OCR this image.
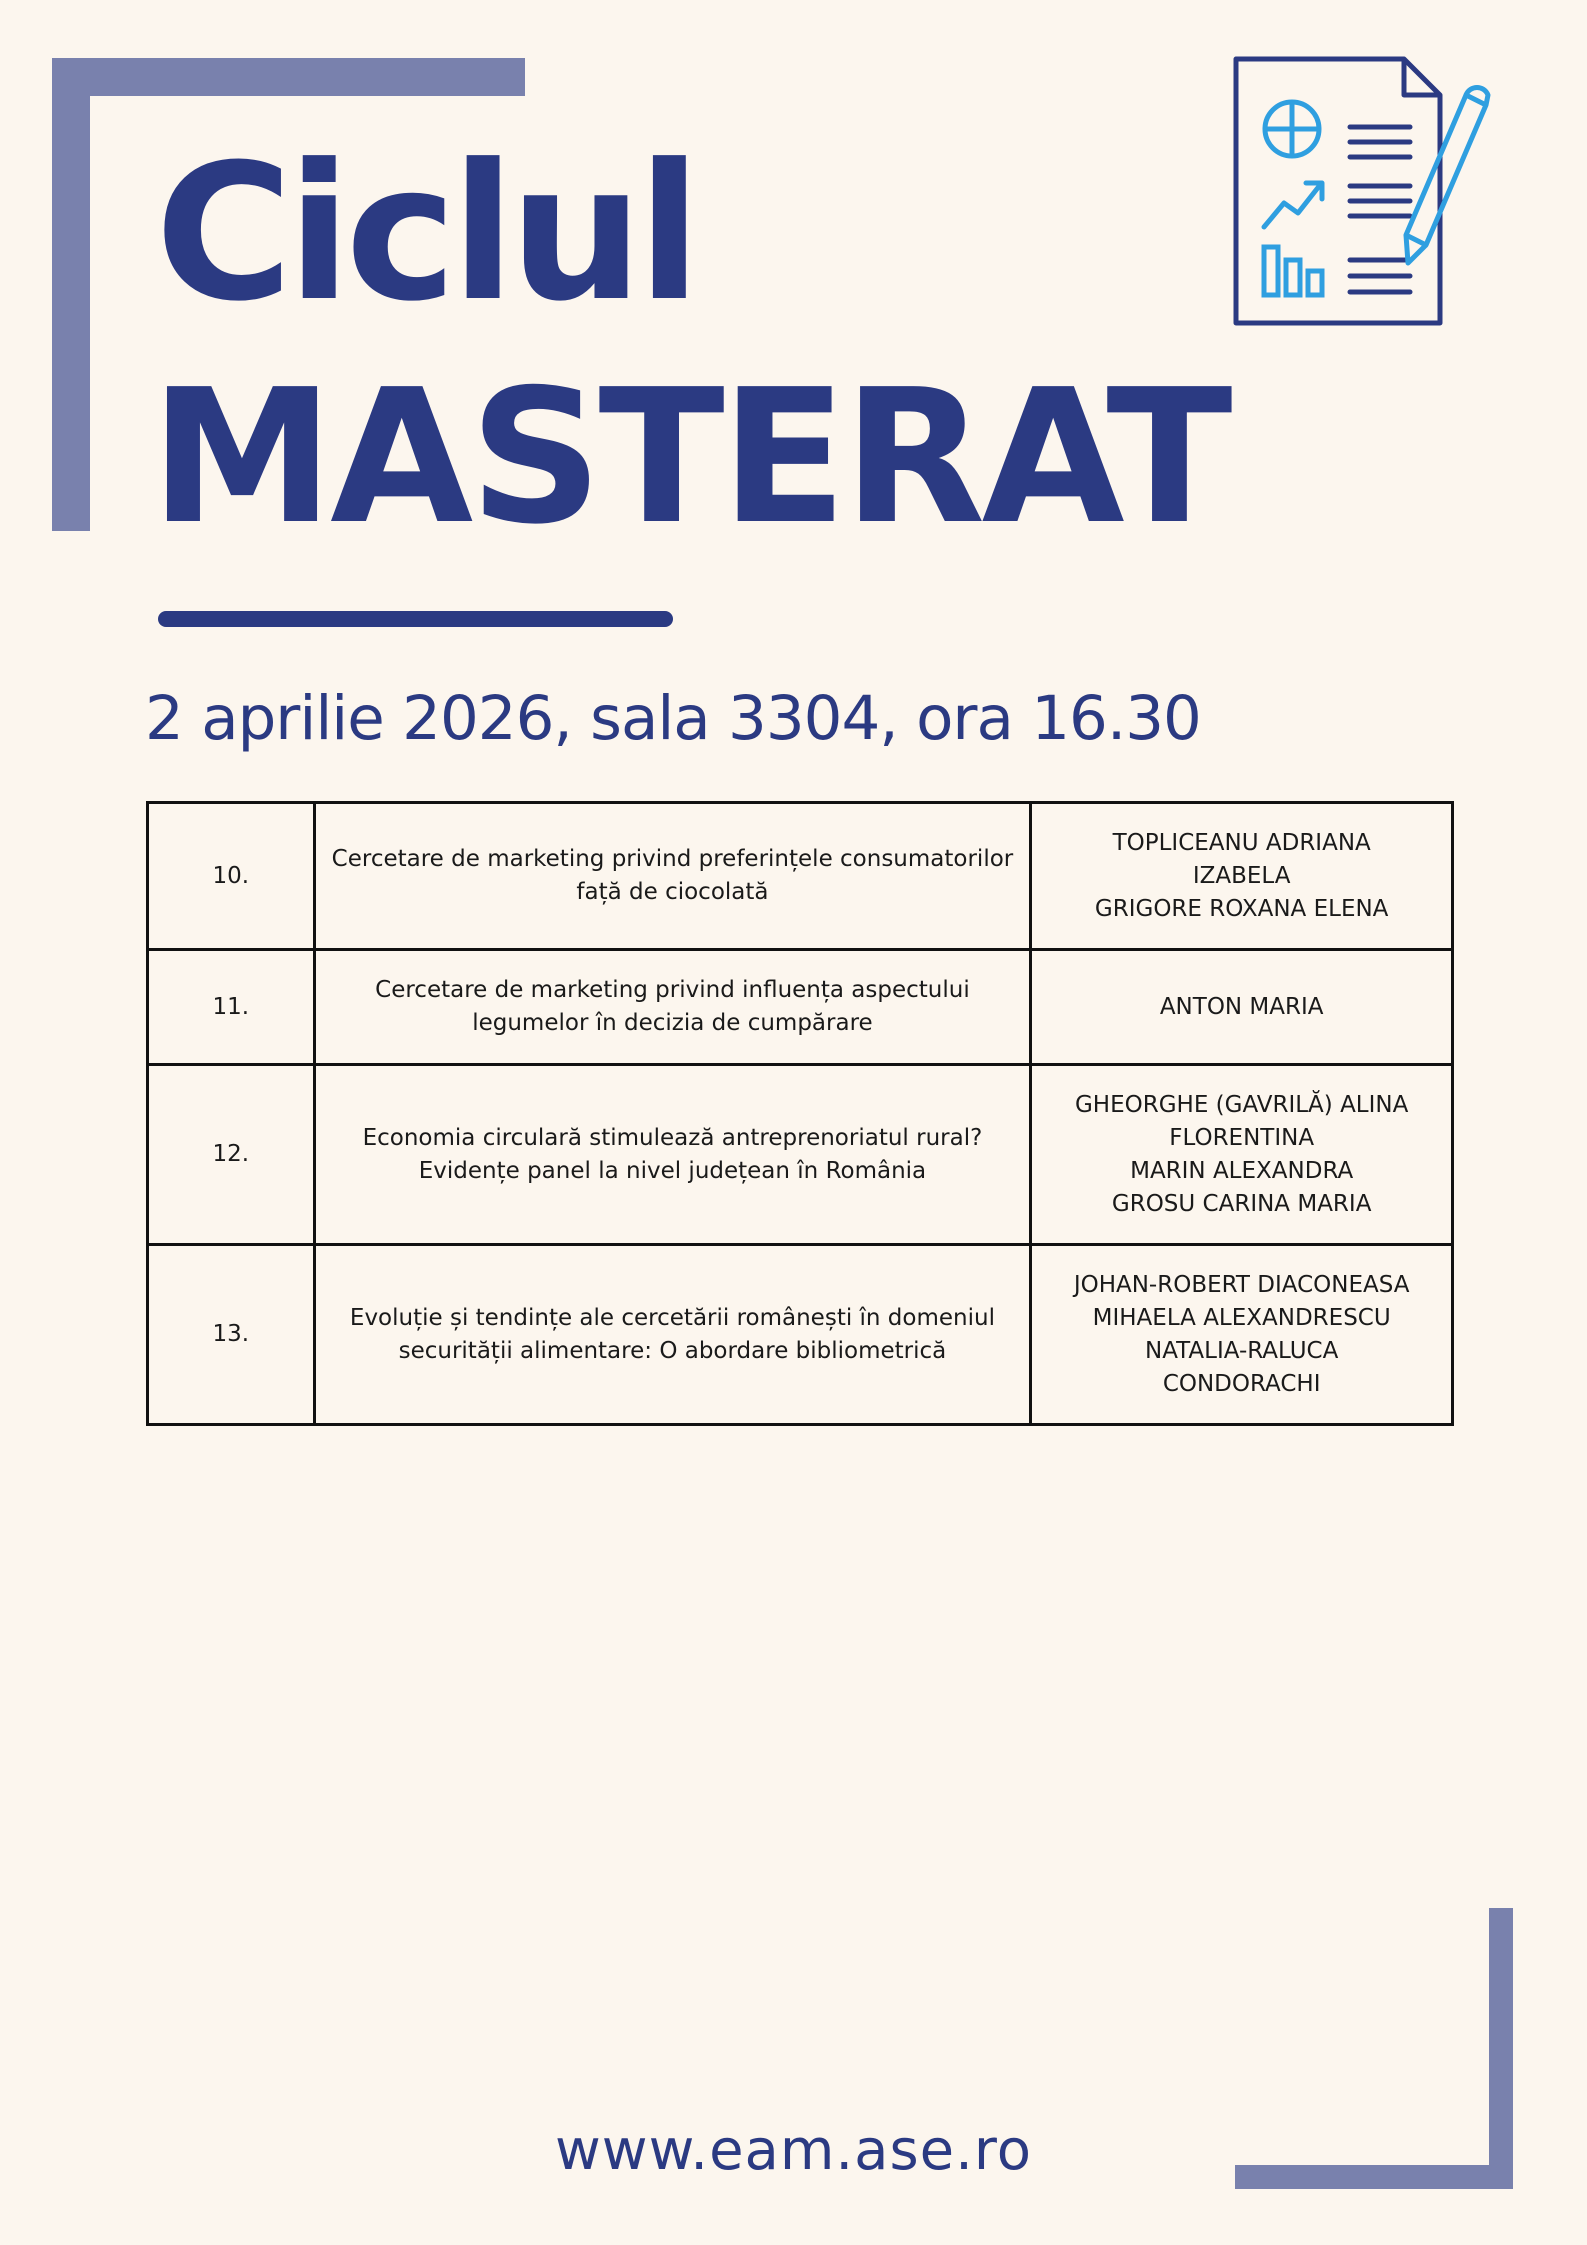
Ciclul
MASTERAT
2 aprilie 2026, sala 3304, ora 16.30
10.	Cercetare de marketing privind preferințele consumatorilor față de ciocolată	TOPLICEANU ADRIANA
IZABELA
GRIGORE ROXANA ELENA

11.	Cercetare de marketing privind influența aspectului legumelor în decizia de cumpărare	ANTON MARIA

12.	Economia circulară stimulează antreprenoriatul rural? Evidențe panel la nivel județean în România	GHEORGHE (GAVRILĂ) ALINA
FLORENTINA
MARIN ALEXANDRA
GROSU CARINA MARIA

13.	Evoluție și tendințe ale cercetării românești în domeniul securității alimentare: O abordare bibliometrică	JOHAN-ROBERT DIACONEASA
MIHAELA ALEXANDRESCU
NATALIA-RALUCA
CONDORACHI
www.eam.ase.ro
